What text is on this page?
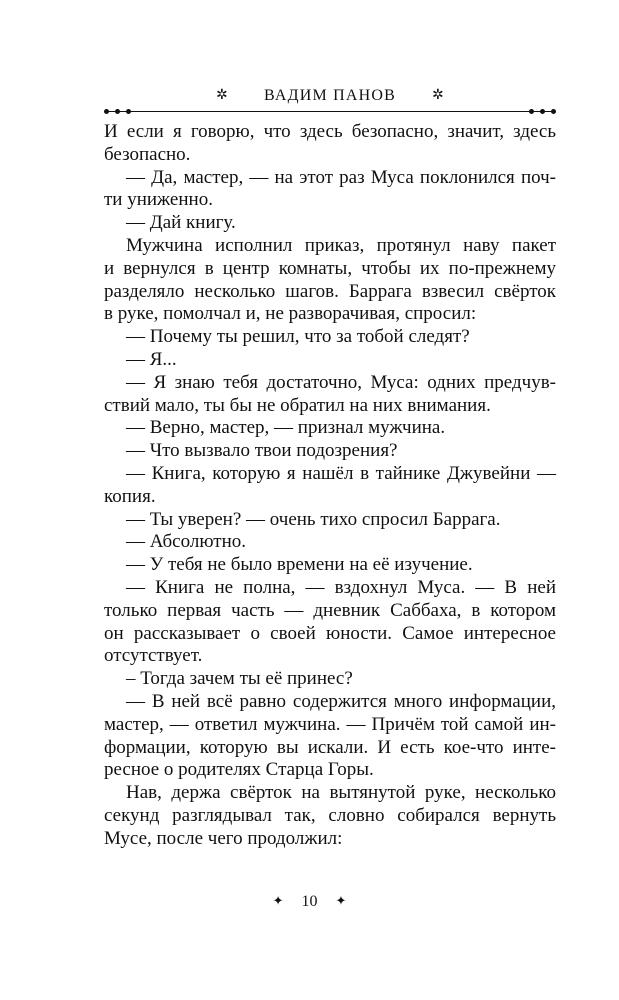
✲	ВАДИМ ПАНОВ	✲
И если я говорю, что здесь безопасно, значит, здесь
безопасно.
— Да, мастер, — на этот раз Муса поклонился поч-
ти униженно.
— Дай книгу.
Мужчина исполнил приказ, протянул наву пакет
и вернулся в центр комнаты, чтобы их по-прежнему
разделяло несколько шагов. Баррага взвесил свёрток
в руке, помолчал и, не разворачивая, спросил:
— Почему ты решил, что за тобой следят?
— Я...
— Я знаю тебя достаточно, Муса: одних предчув-
ствий мало, ты бы не обратил на них внимания.
— Верно, мастер, — признал мужчина.
— Что вызвало твои подозрения?
— Книга, которую я нашёл в тайнике Джувейни —
копия.
— Ты уверен? — очень тихо спросил Баррага.
— Абсолютно.
— У тебя не было времени на её изучение.
— Книга не полна, — вздохнул Муса. — В ней
только первая часть — дневник Саббаха, в котором
он рассказывает о своей юности. Самое интересное
отсутствует.
– Тогда зачем ты её принес?
— В ней всё равно содержится много информации,
мастер, — ответил мужчина. — Причём той самой ин-
формации, которую вы искали. И есть кое-что инте-
ресное о родителях Старца Горы.
Нав, держа свёрток на вытянутой руке, несколько
секунд разглядывал так, словно собирался вернуть
Мусе, после чего продолжил:
✦ 10 ✦
